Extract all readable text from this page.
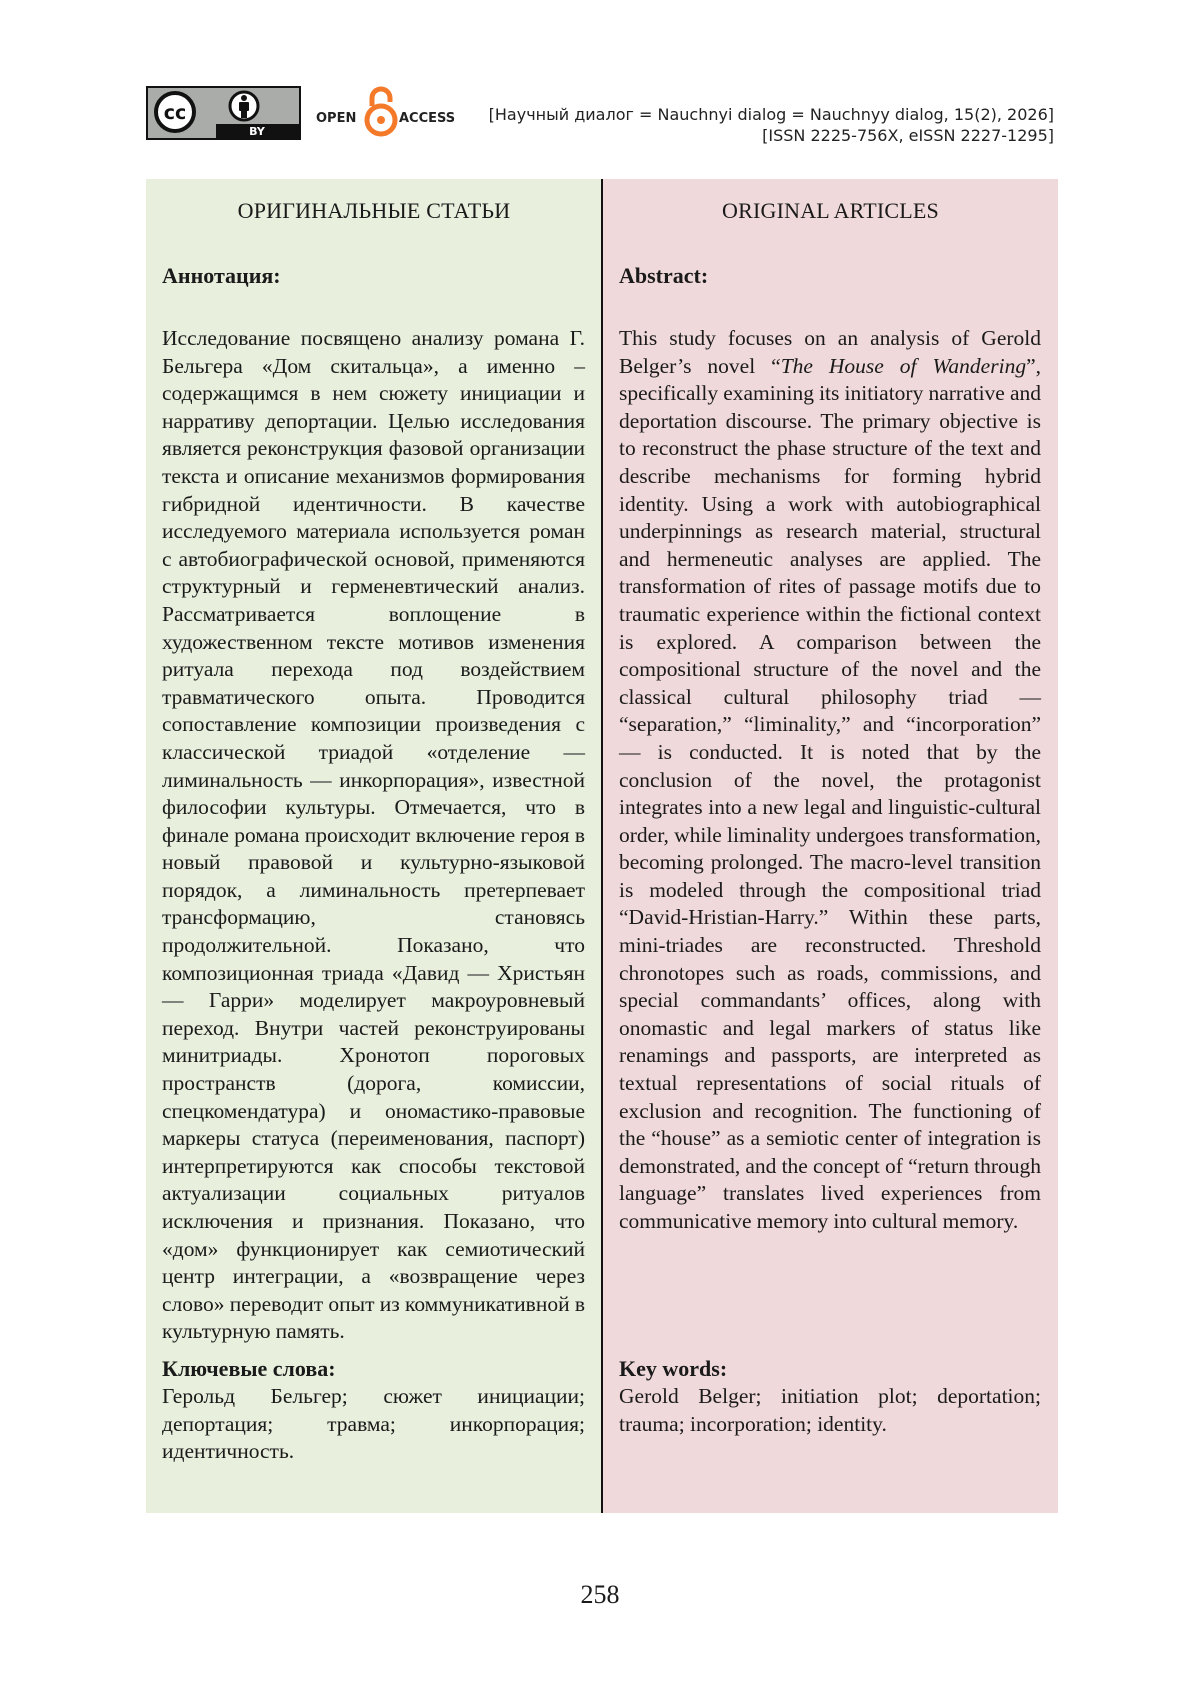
BY
cc	OPEN	ACCESS [Научный диалог = Nauchnyi dialog = Nauchnyy dialog, 15(2), 2026]
[ISSN 2225-756X, eISSN 2227-1295]
ОРИГИНАЛЬНЫЕ СТАТЬИ
Аннотация:
Исследование посвящено анализу романа Г. Бельгера «Дом скитальца», а именно – содержащимся в нем сюжету инициации и нарративу депортации. Целью исследования является реконструкция фазовой организации текста и описание механизмов формирования гибридной идентичности. В качестве исследуемого материала используется роман с автобиографической основой, применяются структурный и герменевтический анализ. Рассматривается воплощение в художественном тексте мотивов изменения ритуала перехода под воздействием травматического опыта. Проводится сопоставление композиции произведения с классической триадой «отделение — лиминальность — инкорпорация», известной философии культуры. Отмечается, что в финале романа происходит включение героя в новый правовой и культурно-языковой порядок, а лиминальность претерпевает трансформацию, становясь продолжительной. Показано, что композиционная триада «Давид — Христьян — Гарри» моделирует макроуровневый переход. Внутри частей реконструированы минитриады. Хронотоп пороговых пространств (дорога, комиссии, спецкомендатура) и ономастико-правовые маркеры статуса (переименования, паспорт) интерпретируются как способы текстовой актуализации социальных ритуалов исключения и признания. Показано, что «дом» функционирует как семиотический центр интеграции, а «возвращение через слово» переводит опыт из коммуникативной в культурную память.
Ключевые слова:
Герольд Бельгер; сюжет инициации; депортация; травма; инкорпорация; идентичность.
ORIGINAL ARTICLES
Abstract:
This study focuses on an analysis of Gerold Belger’s novel “The House of Wandering”, specifically examining its initiatory narrative and deportation discourse. The primary objective is to reconstruct the phase structure of the text and describe mechanisms for forming hybrid identity. Using a work with autobiographical underpinnings as research material, structural and hermeneutic analyses are applied. The transformation of rites of passage motifs due to traumatic experience within the fictional context is explored. A comparison between the compositional structure of the novel and the classical cultural philosophy triad — “separation,” “liminality,” and “incorporation” — is conducted. It is noted that by the conclusion of the novel, the protagonist integrates into a new legal and linguistic-cultural order, while liminality undergoes transformation, becoming prolonged. The macro-level transition is modeled through the compositional triad “David-Hristian-Harry.” Within these parts, mini-triades are reconstructed. Threshold chronotopes such as roads, commissions, and special commandants’ offices, along with onomastic and legal markers of status like renamings and passports, are interpreted as textual representations of social rituals of exclusion and recognition. The functioning of the “house” as a semiotic center of integration is demonstrated, and the concept of “return through language” translates lived experiences from communicative memory into cultural memory.
Key words:
Gerold Belger; initiation plot; deportation; trauma; incorporation; identity.
258
